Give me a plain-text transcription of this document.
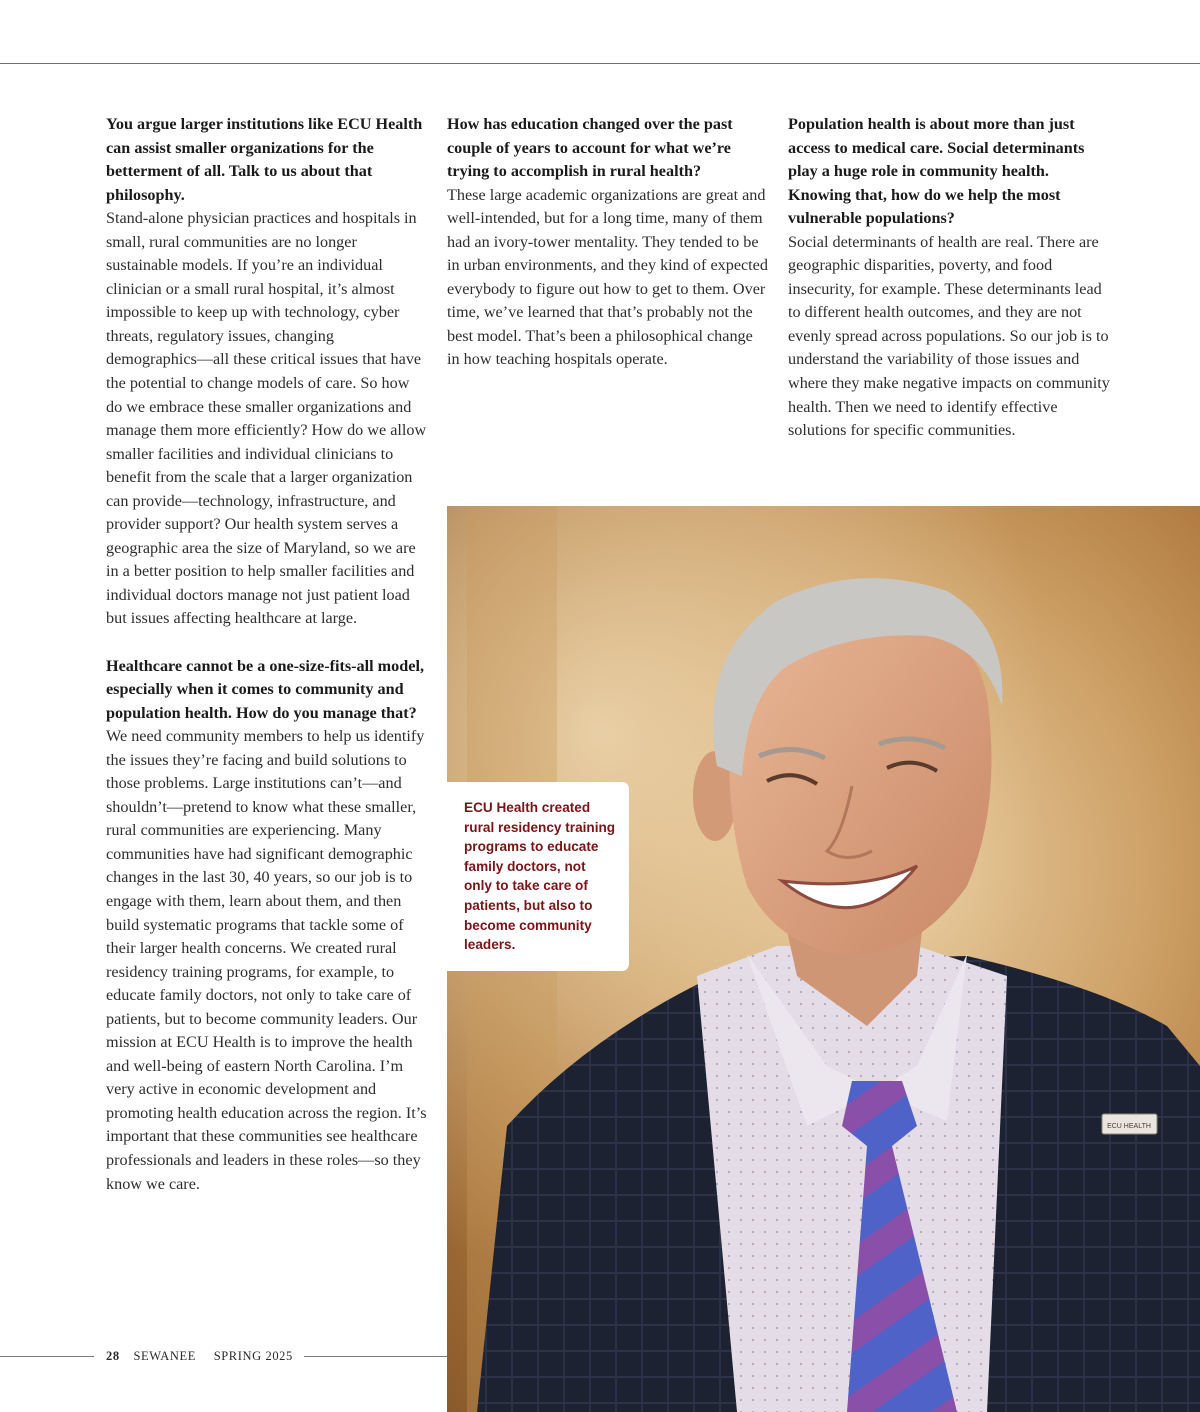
You argue larger institutions like ECU Health can assist smaller organizations for the betterment of all. Talk to us about that philosophy.

Stand-alone physician practices and hospitals in small, rural communities are no longer sustainable models. If you’re an individual clinician or a small rural hospital, it’s almost impossible to keep up with technology, cyber threats, regulatory issues, changing demographics—all these critical issues that have the potential to change models of care. So how do we embrace these smaller organizations and manage them more efficiently? How do we allow smaller facilities and individual clinicians to benefit from the scale that a larger organization can provide—technology, infrastructure, and provider support? Our health system serves a geographic area the size of Maryland, so we are in a better position to help smaller facilities and individual doctors manage not just patient load but issues affecting healthcare at large.

Healthcare cannot be a one-size-fits-all model, especially when it comes to community and population health. How do you manage that?

We need community members to help us identify the issues they’re facing and build solutions to those problems. Large institutions can’t—and shouldn’t—pretend to know what these smaller, rural communities are experiencing. Many communities have had significant demographic changes in the last 30, 40 years, so our job is to engage with them, learn about them, and then build systematic programs that tackle some of their larger health concerns. We created rural residency training programs, for example, to educate family doctors, not only to take care of patients, but to become community leaders. Our mission at ECU Health is to improve the health and well-being of eastern North Carolina. I’m very active in economic development and promoting health education across the region. It’s important that these communities see healthcare professionals and leaders in these roles—so they know we care.

How has education changed over the past couple of years to account for what we’re trying to accomplish in rural health?

These large academic organizations are great and well-intended, but for a long time, many of them had an ivory-tower mentality. They tended to be in urban environments, and they kind of expected everybody to figure out how to get to them. Over time, we’ve learned that that’s probably not the best model. That’s been a philosophical change in how teaching hospitals operate.

Population health is about more than just access to medical care. Social determinants play a huge role in community health. Knowing that, how do we help the most vulnerable populations?

Social determinants of health are real. There are geographic disparities, poverty, and food insecurity, for example. These determinants lead to different health outcomes, and they are not evenly spread across populations. So our job is to understand the variability of those issues and where they make negative impacts on community health. Then we need to identify effective solutions for specific communities.

ECU HEALTH

ECU Health created rural residency training programs to educate family doctors, not only to take care of patients, but also to become community leaders.

28 SEWANEE SPRING 2025
